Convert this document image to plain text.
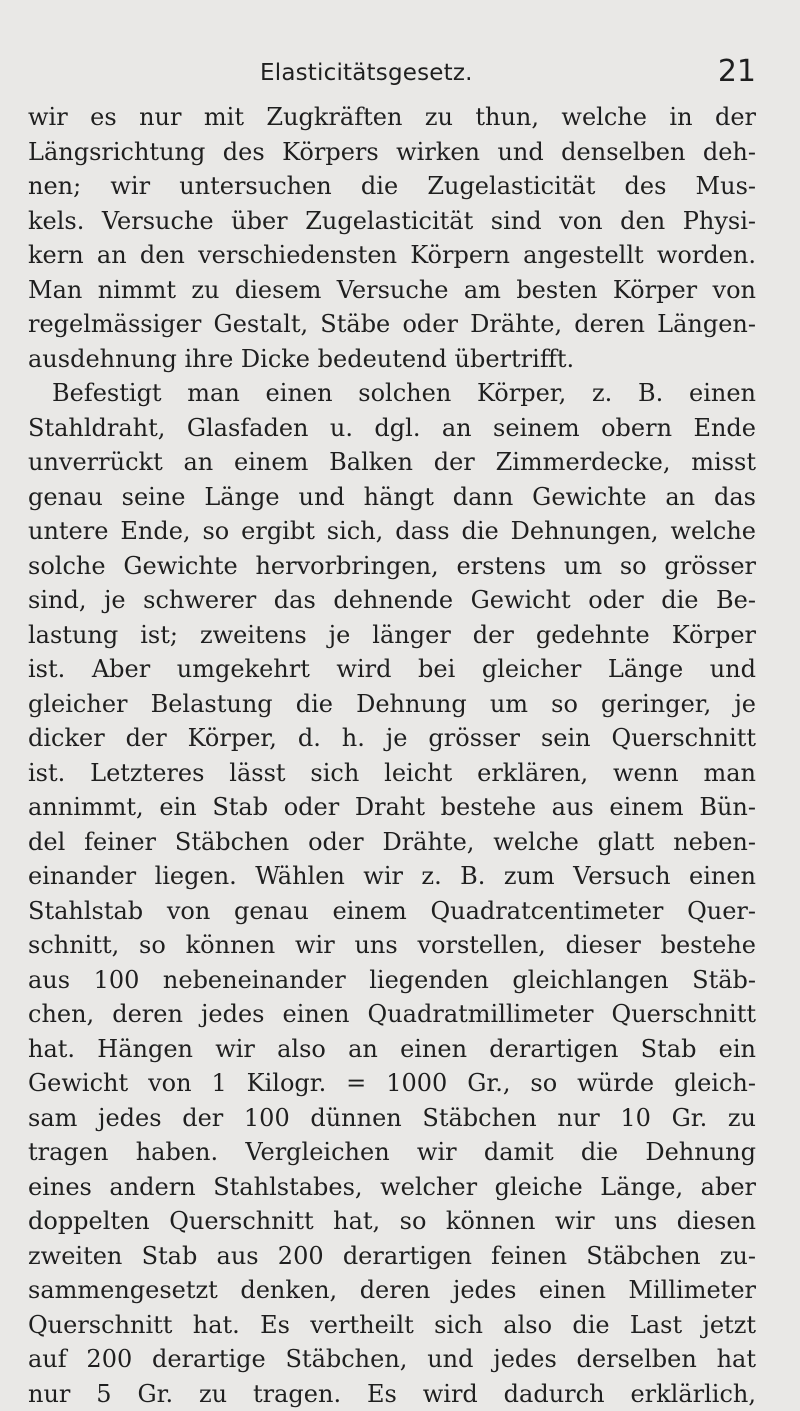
Elasticitätsgesetz.	21
wir es nur mit Zugkräften zu thun, welche in der
Längsrichtung des Körpers wirken und denselben deh-
nen; wir untersuchen die Zugelasticität des Mus-
kels. Versuche über Zugelasticität sind von den Physi-
kern an den verschiedensten Körpern angestellt worden.
Man nimmt zu diesem Versuche am besten Körper von
regelmässiger Gestalt, Stäbe oder Drähte, deren Längen-
ausdehnung ihre Dicke bedeutend übertrifft.
Befestigt man einen solchen Körper, z. B. einen
Stahldraht, Glasfaden u. dgl. an seinem obern Ende
unverrückt an einem Balken der Zimmerdecke, misst
genau seine Länge und hängt dann Gewichte an das
untere Ende, so ergibt sich, dass die Dehnungen, welche
solche Gewichte hervorbringen, erstens um so grösser
sind, je schwerer das dehnende Gewicht oder die Be-
lastung ist; zweitens je länger der gedehnte Körper
ist. Aber umgekehrt wird bei gleicher Länge und
gleicher Belastung die Dehnung um so geringer, je
dicker der Körper, d. h. je grösser sein Querschnitt
ist. Letzteres lässt sich leicht erklären, wenn man
annimmt, ein Stab oder Draht bestehe aus einem Bün-
del feiner Stäbchen oder Drähte, welche glatt neben-
einander liegen. Wählen wir z. B. zum Versuch einen
Stahlstab von genau einem Quadratcentimeter Quer-
schnitt, so können wir uns vorstellen, dieser bestehe
aus 100 nebeneinander liegenden gleichlangen Stäb-
chen, deren jedes einen Quadratmillimeter Querschnitt
hat. Hängen wir also an einen derartigen Stab ein
Gewicht von 1 Kilogr. = 1000 Gr., so würde gleich-
sam jedes der 100 dünnen Stäbchen nur 10 Gr. zu
tragen haben. Vergleichen wir damit die Dehnung
eines andern Stahlstabes, welcher gleiche Länge, aber
doppelten Querschnitt hat, so können wir uns diesen
zweiten Stab aus 200 derartigen feinen Stäbchen zu-
sammengesetzt denken, deren jedes einen Millimeter
Querschnitt hat. Es vertheilt sich also die Last jetzt
auf 200 derartige Stäbchen, und jedes derselben hat
nur 5 Gr. zu tragen. Es wird dadurch erklärlich,
